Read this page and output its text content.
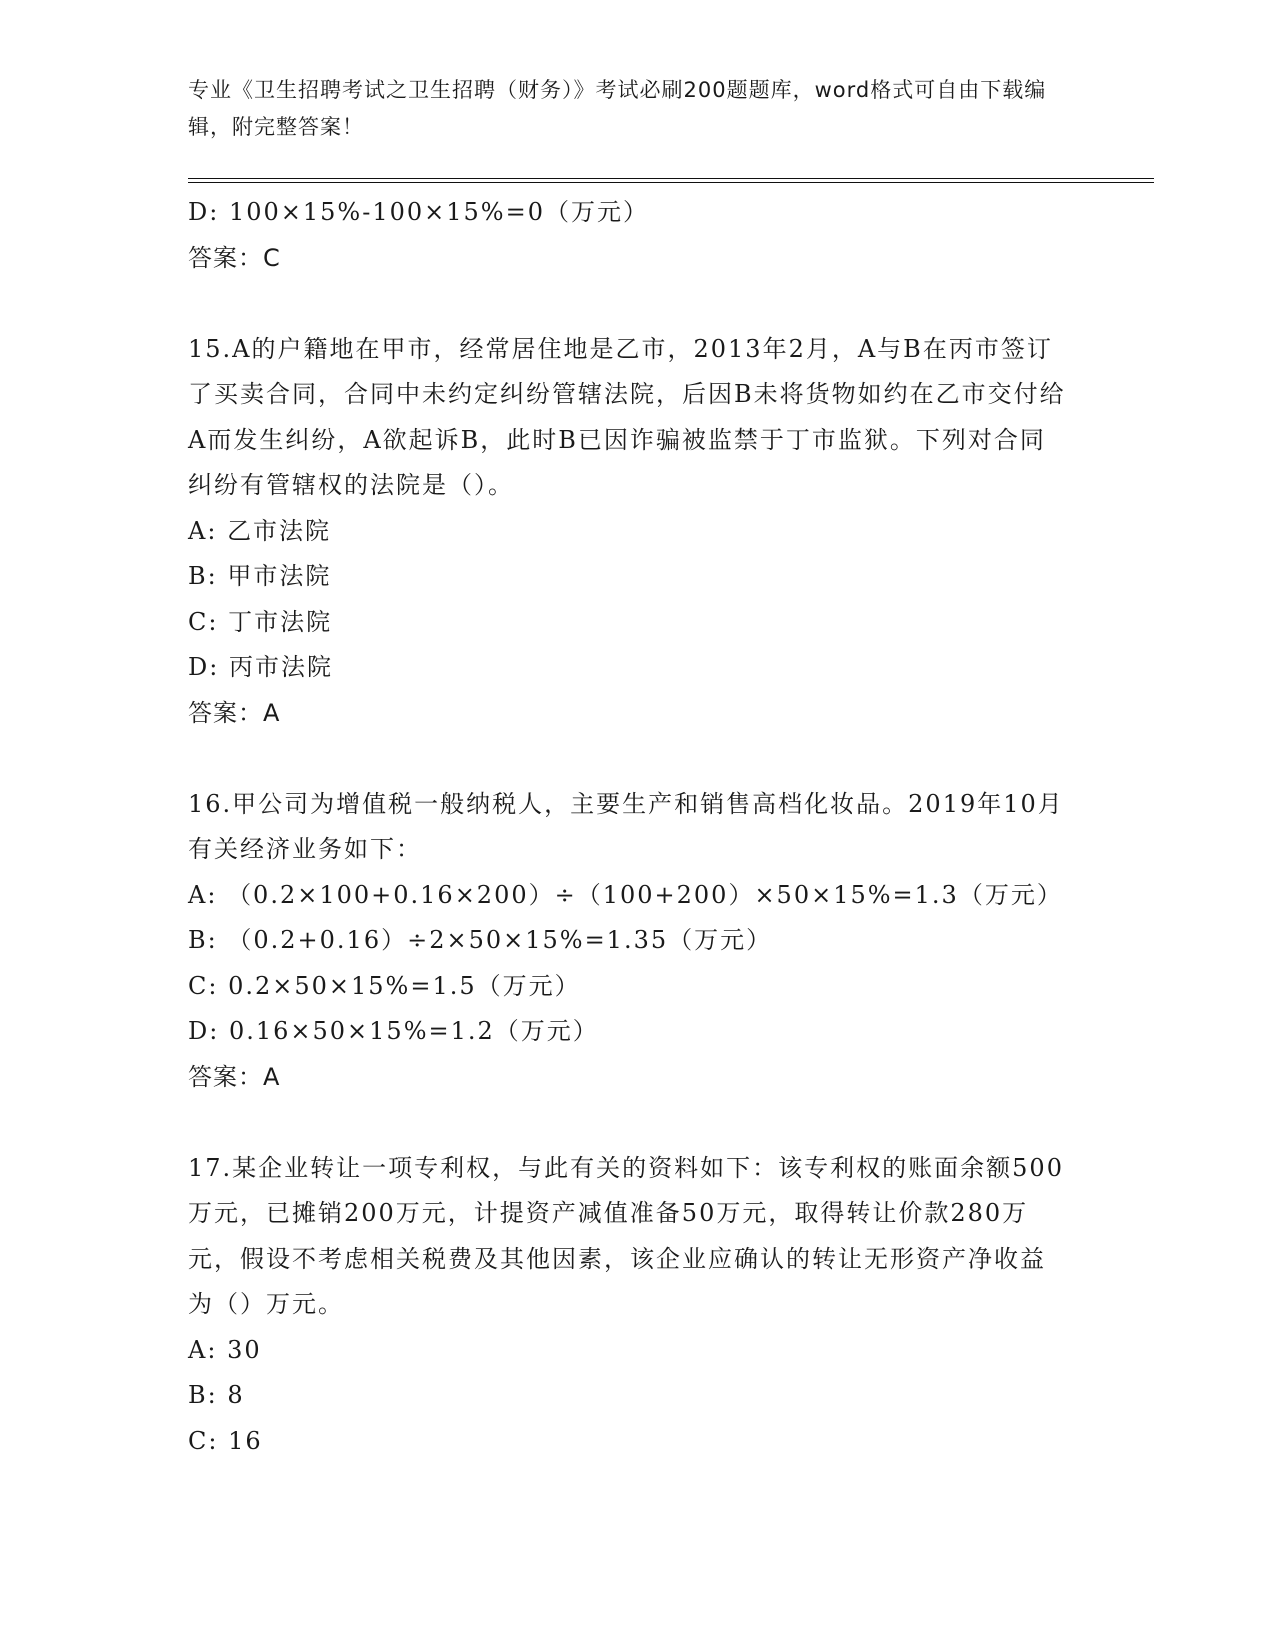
专业《卫生招聘考试之卫生招聘（财务）》考试必刷200题题库，word格式可自由下载编辑，附完整答案！
D: 100×15%-100×15%=0（万元）
答案：C
15.A的户籍地在甲市，经常居住地是乙市，2013年2月，A与B在丙市签订了买卖合同，合同中未约定纠纷管辖法院，后因B未将货物如约在乙市交付给A而发生纠纷，A欲起诉B，此时B已因诈骗被监禁于丁市监狱。下列对合同纠纷有管辖权的法院是（）。
A: 乙市法院
B: 甲市法院
C: 丁市法院
D: 丙市法院
答案：A
16.甲公司为增值税一般纳税人，主要生产和销售高档化妆品。2019年10月有关经济业务如下：
A: （0.2×100+0.16×200）÷（100+200）×50×15%=1.3（万元）
B: （0.2+0.16）÷2×50×15%=1.35（万元）
C: 0.2×50×15%=1.5（万元）
D: 0.16×50×15%=1.2（万元）
答案：A
17.某企业转让一项专利权，与此有关的资料如下：该专利权的账面余额500万元，已摊销200万元，计提资产减值准备50万元，取得转让价款280万元，假设不考虑相关税费及其他因素，该企业应确认的转让无形资产净收益为（）万元。
A: 30
B: 8
C: 16
